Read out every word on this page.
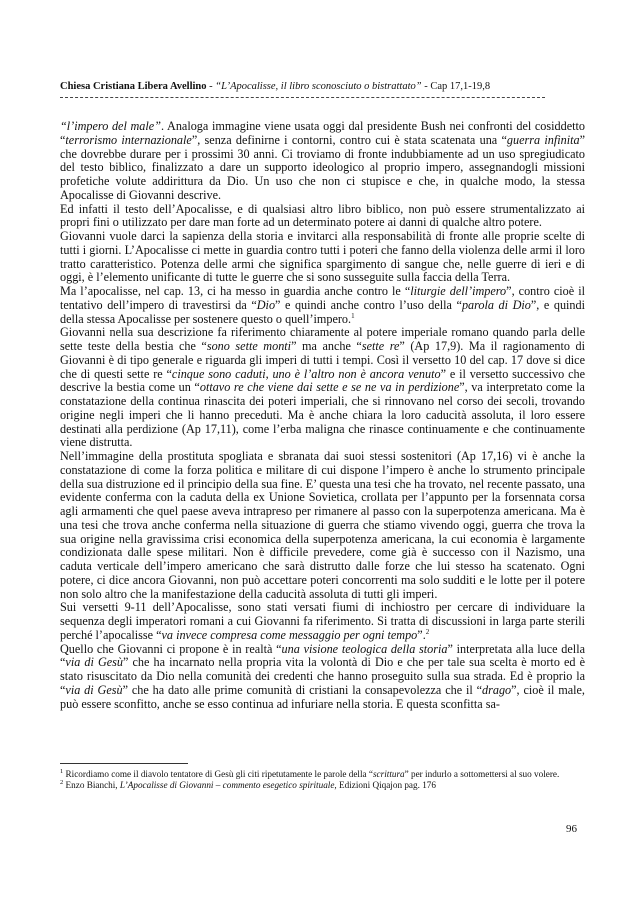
Chiesa Cristiana Libera Avellino - “L’Apocalisse, il libro sconosciuto o bistrattato” - Cap 17,1-19,8

“l’impero del male”. Analoga immagine viene usata oggi dal presidente Bush nei confronti del cosiddetto “terrorismo internazionale”, senza definirne i contorni, contro cui è stata scatenata una “guerra infinita” che dovrebbe durare per i prossimi 30 anni. Ci troviamo di fronte indubbiamente ad un uso spregiudicato del testo biblico, finalizzato a dare un supporto ideologico al proprio impero, assegnandogli missioni profetiche volute addirittura da Dio. Un uso che non ci stupisce e che, in qualche modo, la stessa Apocalisse di Giovanni descrive.

Ed infatti il testo dell’Apocalisse, e di qualsiasi altro libro biblico, non può essere strumentalizzato ai propri fini o utilizzato per dare man forte ad un determinato potere ai danni di qualche altro potere.

Giovanni vuole darci la sapienza della storia e invitarci alla responsabilità di fronte alle proprie scelte di tutti i giorni. L’Apocalisse ci mette in guardia contro tutti i poteri che fanno della violenza delle armi il loro tratto caratteristico. Potenza delle armi che significa spargimento di sangue che, nelle guerre di ieri e di oggi, è l’elemento unificante di tutte le guerre che si sono susseguite sulla faccia della Terra.

Ma l’apocalisse, nel cap. 13, ci ha messo in guardia anche contro le “liturgie dell’impero”, contro cioè il tentativo dell’impero di travestirsi da “Dio” e quindi anche contro l’uso della “parola di Dio”, e quindi della stessa Apocalisse per sostenere questo o quell’impero.$^1$

Giovanni nella sua descrizione fa riferimento chiaramente al potere imperiale romano quando parla delle sette teste della bestia che “sono sette monti” ma anche “sette re” (Ap 17,9). Ma il ragionamento di Giovanni è di tipo generale e riguarda gli imperi di tutti i tempi. Così il versetto 10 del cap. 17 dove si dice che di questi sette re “cinque sono caduti, uno è l’altro non è ancora venuto” e il versetto successivo che descrive la bestia come un “ottavo re che viene dai sette e se ne va in perdizione”, va interpretato come la constatazione della continua rinascita dei poteri imperiali, che si rinnovano nel corso dei secoli, trovando origine negli imperi che li hanno preceduti. Ma è anche chiara la loro caducità assoluta, il loro essere destinati alla perdizione (Ap 17,11), come l’erba maligna che rinasce continuamente e che continuamente viene distrutta.

Nell’immagine della prostituta spogliata e sbranata dai suoi stessi sostenitori (Ap 17,16) vi è anche la constatazione di come la forza politica e militare di cui dispone l’impero è anche lo strumento principale della sua distruzione ed il principio della sua fine. E’ questa una tesi che ha trovato, nel recente passato, una evidente conferma con la caduta della ex Unione Sovietica, crollata per l’appunto per la forsennata corsa agli armamenti che quel paese aveva intrapreso per rimanere al passo con la superpotenza americana. Ma è una tesi che trova anche conferma nella situazione di guerra che stiamo vivendo oggi, guerra che trova la sua origine nella gravissima crisi economica della superpotenza americana, la cui economia è largamente condizionata dalle spese militari. Non è difficile prevedere, come già è successo con il Nazismo, una caduta verticale dell’impero americano che sarà distrutto dalle forze che lui stesso ha scatenato. Ogni potere, ci dice ancora Giovanni, non può accettare poteri concorrenti ma solo sudditi e le lotte per il potere non solo altro che la manifestazione della caducità assoluta di tutti gli imperi.

Sui versetti 9-11 dell’Apocalisse, sono stati versati fiumi di inchiostro per cercare di individuare la sequenza degli imperatori romani a cui Giovanni fa riferimento. Si tratta di discussioni in larga parte sterili perché l’apocalisse “va invece compresa come messaggio per ogni tempo”.$^2$

Quello che Giovanni ci propone è in realtà “una visione teologica della storia” interpretata alla luce della “via di Gesù” che ha incarnato nella propria vita la volontà di Dio e che per tale sua scelta è morto ed è stato risuscitato da Dio nella comunità dei credenti che hanno proseguito sulla sua strada. Ed è proprio la “via di Gesù” che ha dato alle prime comunità di cristiani la consapevolezza che il “drago”, cioè il male, può essere sconfitto, anche se esso continua ad infuriare nella storia. E questa sconfitta sa-

$^1$ Ricordiamo come il diavolo tentatore di Gesù gli citi ripetutamente le parole della “scrittura” per indurlo a sottomettersi al suo volere.

$^2$ Enzo Bianchi, L’Apocalisse di Giovanni – commento esegetico spirituale, Edizioni Qiqajon pag. 176

96
